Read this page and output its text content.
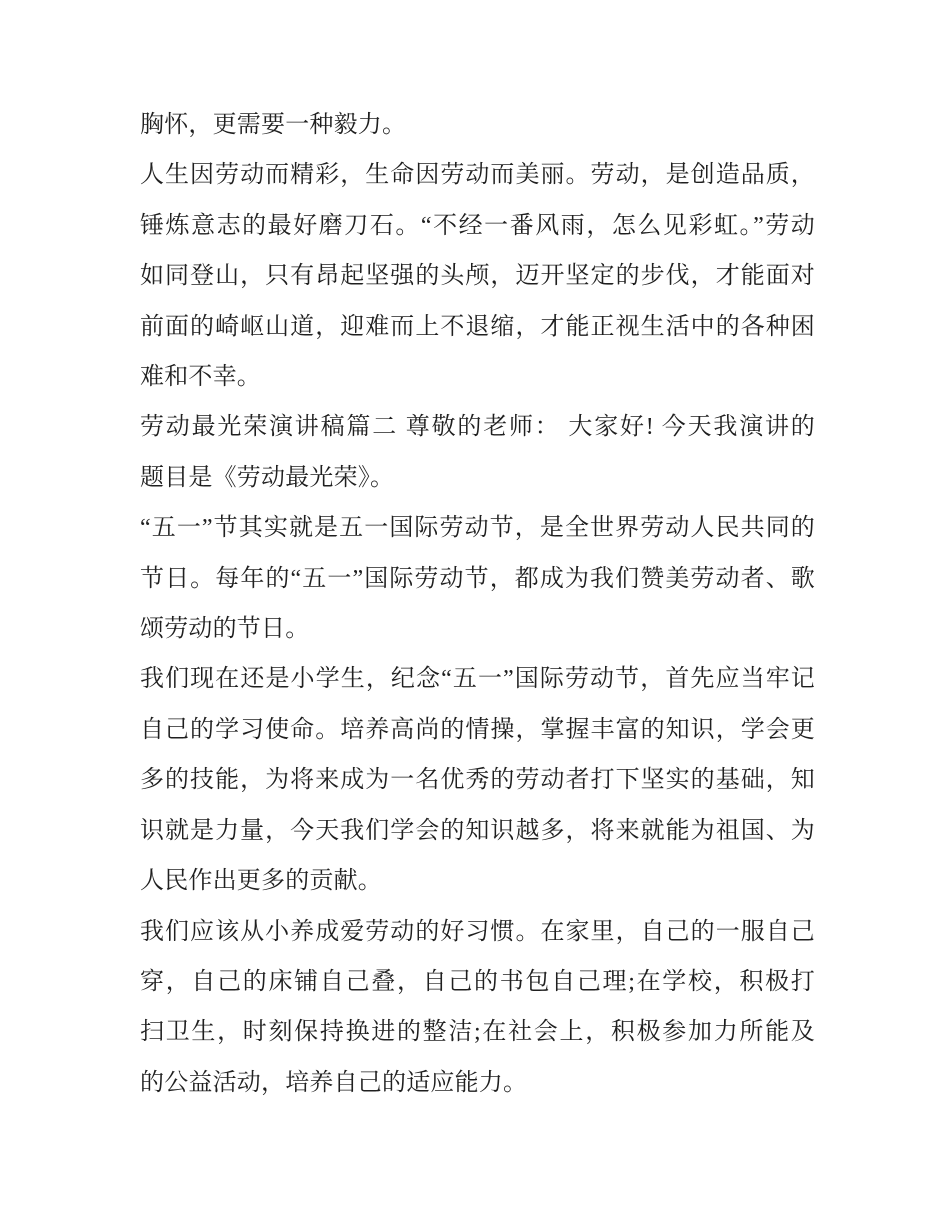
胸怀，更需要一种毅力。
人生因劳动而精彩，生命因劳动而美丽。劳动，是创造品质，
锤炼意志的最好磨刀石。“不经一番风雨，怎么见彩虹。”劳动
如同登山，只有昂起坚强的头颅，迈开坚定的步伐，才能面对
前面的崎岖山道，迎难而上不退缩，才能正视生活中的各种困
难和不幸。
劳动最光荣演讲稿篇二 尊敬的老师： 大家好! 今天我演讲的
题目是《劳动最光荣》。
“五一”节其实就是五一国际劳动节，是全世界劳动人民共同的
节日。每年的“五一”国际劳动节，都成为我们赞美劳动者、歌
颂劳动的节日。
我们现在还是小学生，纪念“五一”国际劳动节，首先应当牢记
自己的学习使命。培养高尚的情操，掌握丰富的知识，学会更
多的技能，为将来成为一名优秀的劳动者打下坚实的基础，知
识就是力量，今天我们学会的知识越多，将来就能为祖国、为
人民作出更多的贡献。
我们应该从小养成爱劳动的好习惯。在家里，自己的一服自己
穿，自己的床铺自己叠，自己的书包自己理;在学校，积极打
扫卫生，时刻保持换进的整洁;在社会上，积极参加力所能及
的公益活动，培养自己的适应能力。
